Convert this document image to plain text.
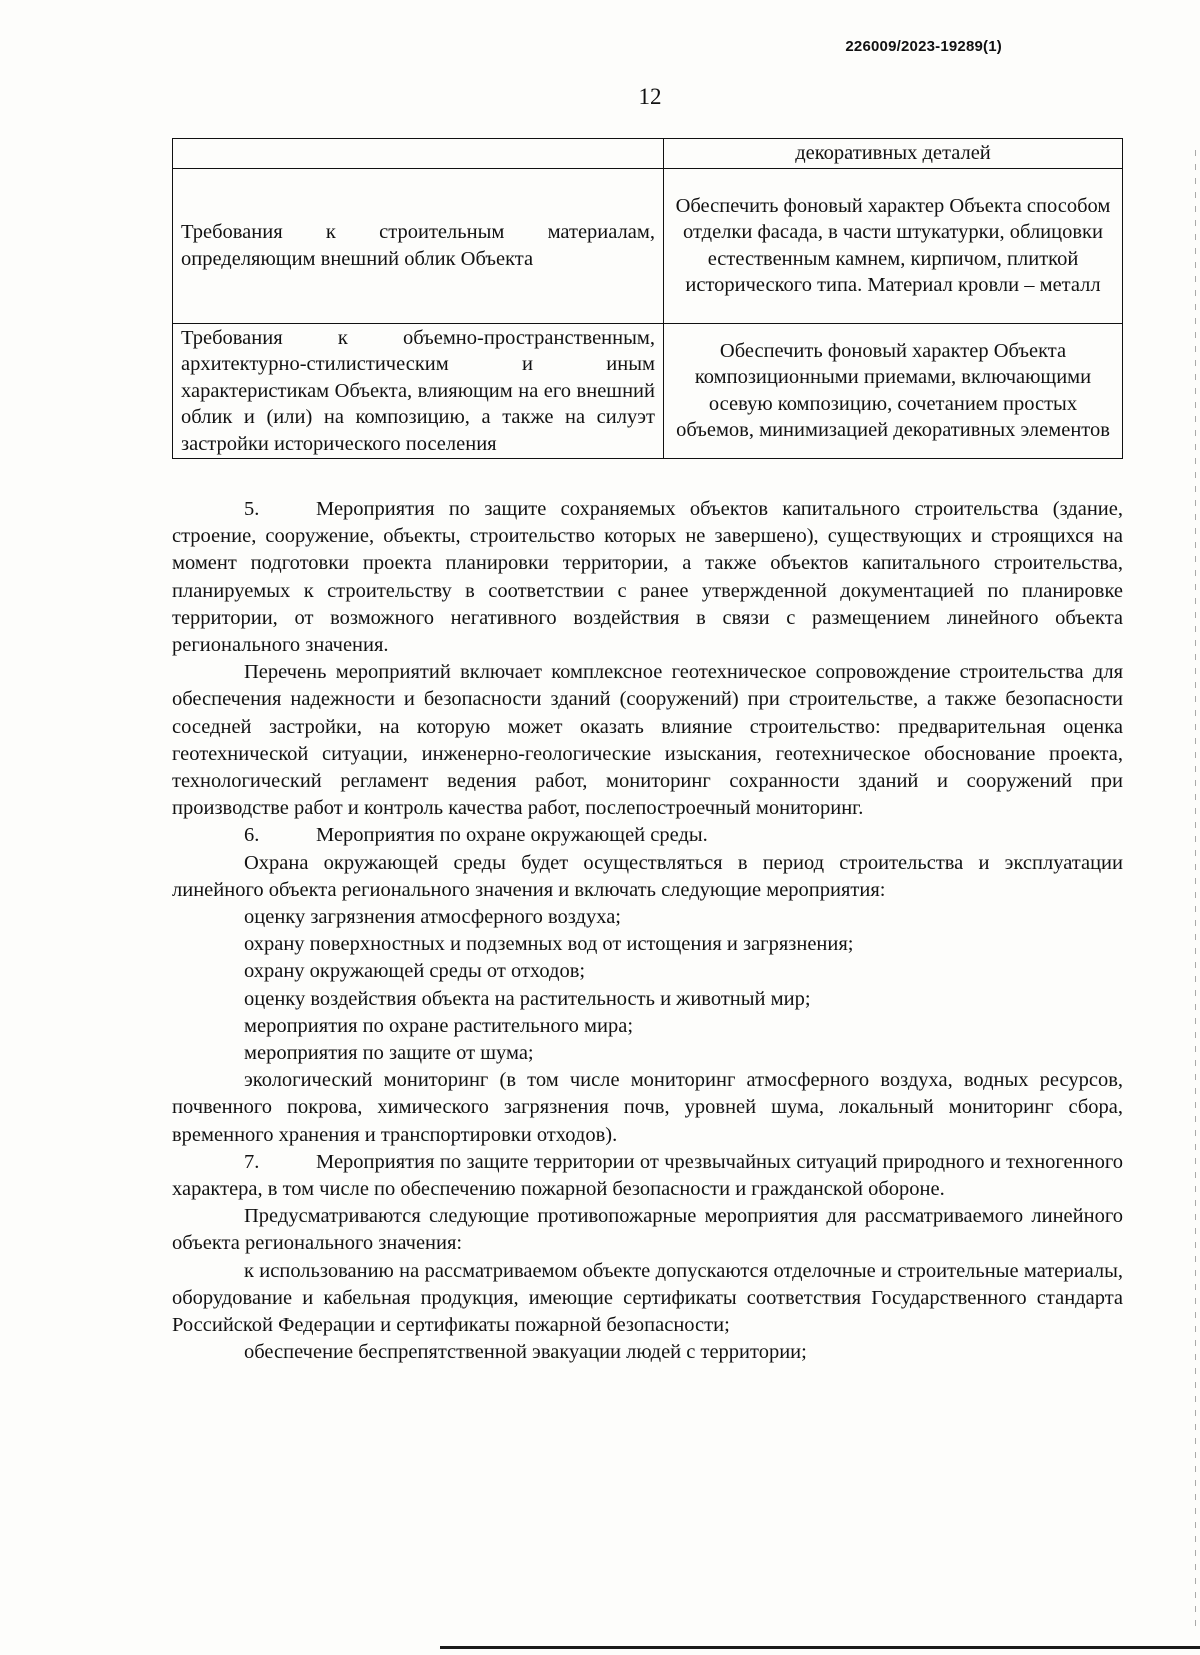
226009/2023-19289(1)
12
	декоративных деталей
Требования к строительным материалам, определяющим внешний облик Объекта	Обеспечить фоновый характер Объекта способом отделки фасада, в части штукатурки, облицовки естественным камнем, кирпичом, плиткой исторического типа. Материал кровли – металл
Требования к объемно-пространственным, архитектурно-стилистическим и иным характеристикам Объекта, влияющим на его внешний облик и (или) на композицию, а также на силуэт застройки исторического поселения	Обеспечить фоновый характер Объекта композиционными приемами, включающими осевую композицию, сочетанием простых объемов, минимизацией декоративных элементов

5.	Мероприятия по защите сохраняемых объектов капитального строительства (здание, строение, сооружение, объекты, строительство которых не завершено), существующих и строящихся на момент подготовки проекта планировки территории, а также объектов капитального строительства, планируемых к строительству в соответствии с ранее утвержденной документацией по планировке территории, от возможного негативного воздействия в связи с размещением линейного объекта регионального значения.

Перечень мероприятий включает комплексное геотехническое сопровождение строительства для обеспечения надежности и безопасности зданий (сооружений) при строительстве, а также безопасности соседней застройки, на которую может оказать влияние строительство: предварительная оценка геотехнической ситуации, инженерно-геологические изыскания, геотехническое обоснование проекта, технологический регламент ведения работ, мониторинг сохранности зданий и сооружений при производстве работ и контроль качества работ, послепостроечный мониторинг.

6.	Мероприятия по охране окружающей среды.

Охрана окружающей среды будет осуществляться в период строительства и эксплуатации линейного объекта регионального значения и включать следующие мероприятия:

оценку загрязнения атмосферного воздуха;

охрану поверхностных и подземных вод от истощения и загрязнения;

охрану окружающей среды от отходов;

оценку воздействия объекта на растительность и животный мир;

мероприятия по охране растительного мира;

мероприятия по защите от шума;

экологический мониторинг (в том числе мониторинг атмосферного воздуха, водных ресурсов, почвенного покрова, химического загрязнения почв, уровней шума, локальный мониторинг сбора, временного хранения и транспортировки отходов).

7.	Мероприятия по защите территории от чрезвычайных ситуаций природного и техногенного характера, в том числе по обеспечению пожарной безопасности и гражданской обороне.

Предусматриваются следующие противопожарные мероприятия для рассматриваемого линейного объекта регионального значения:

к использованию на рассматриваемом объекте допускаются отделочные и строительные материалы, оборудование и кабельная продукция, имеющие сертификаты соответствия Государственного стандарта Российской Федерации и сертификаты пожарной безопасности;

обеспечение беспрепятственной эвакуации людей с территории;
